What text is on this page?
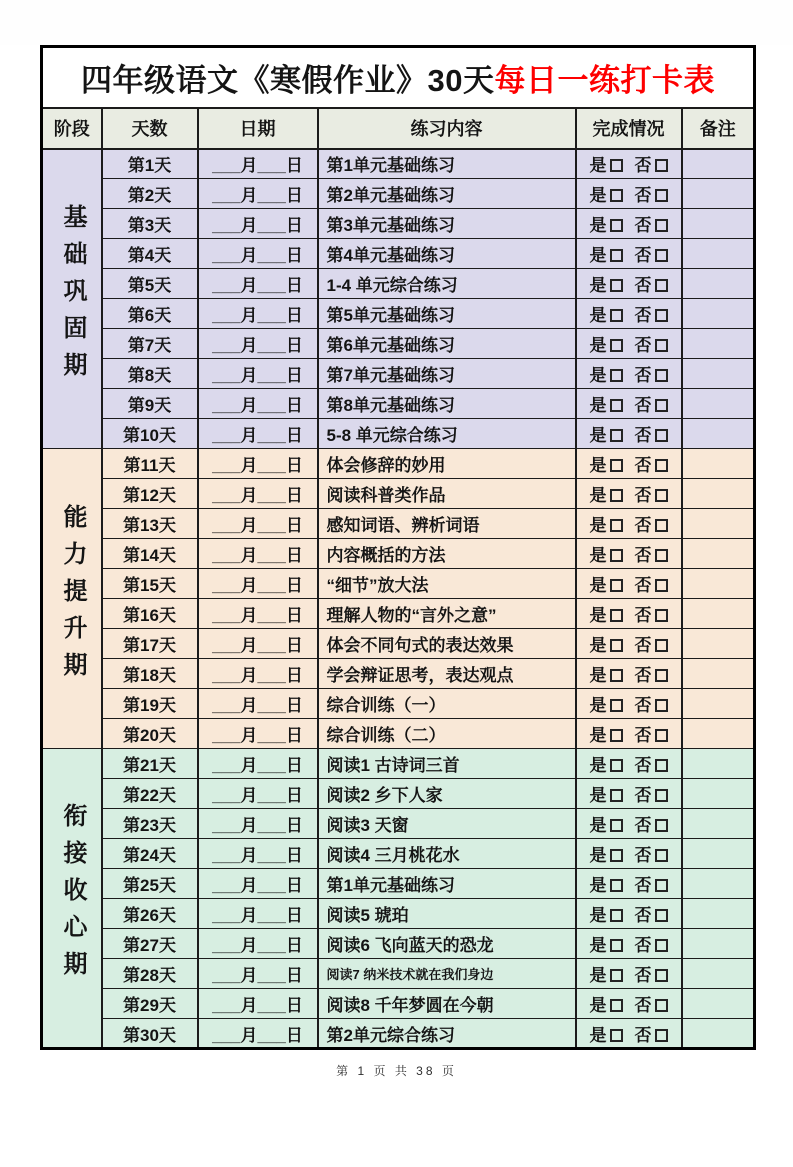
四年级语文《寒假作业》30天每日一练打卡表					
阶段	天数	日期	练习内容	完成情况	备注
基础巩固期	第1天	___月___日	第1单元基础练习	是 否	
	第2天	___月___日	第2单元基础练习	是 否	
	第3天	___月___日	第3单元基础练习	是 否	
	第4天	___月___日	第4单元基础练习	是 否	
	第5天	___月___日	1-4 单元综合练习	是 否	
	第6天	___月___日	第5单元基础练习	是 否	
	第7天	___月___日	第6单元基础练习	是 否	
	第8天	___月___日	第7单元基础练习	是 否	
	第9天	___月___日	第8单元基础练习	是 否	
	第10天	___月___日	5-8 单元综合练习	是 否	
能力提升期	第11天	___月___日	体会修辞的妙用	是 否	
	第12天	___月___日	阅读科普类作品	是 否	
	第13天	___月___日	感知词语、辨析词语	是 否	
	第14天	___月___日	内容概括的方法	是 否	
	第15天	___月___日	“细节”放大法	是 否	
	第16天	___月___日	理解人物的“言外之意”	是 否	
	第17天	___月___日	体会不同句式的表达效果	是 否	
	第18天	___月___日	学会辩证思考，表达观点	是 否	
	第19天	___月___日	综合训练（一）	是 否	
	第20天	___月___日	综合训练（二）	是 否	
衔接收心期	第21天	___月___日	阅读1 古诗词三首	是 否	
	第22天	___月___日	阅读2 乡下人家	是 否	
	第23天	___月___日	阅读3 天窗	是 否	
	第24天	___月___日	阅读4 三月桃花水	是 否	
	第25天	___月___日	第1单元基础练习	是 否	
	第26天	___月___日	阅读5 琥珀	是 否	
	第27天	___月___日	阅读6 飞向蓝天的恐龙	是 否	
	第28天	___月___日	阅读7 纳米技术就在我们身边	是 否	
	第29天	___月___日	阅读8 千年梦圆在今朝	是 否	
	第30天	___月___日	第2单元综合练习	是 否	
第 1 页 共 38 页
